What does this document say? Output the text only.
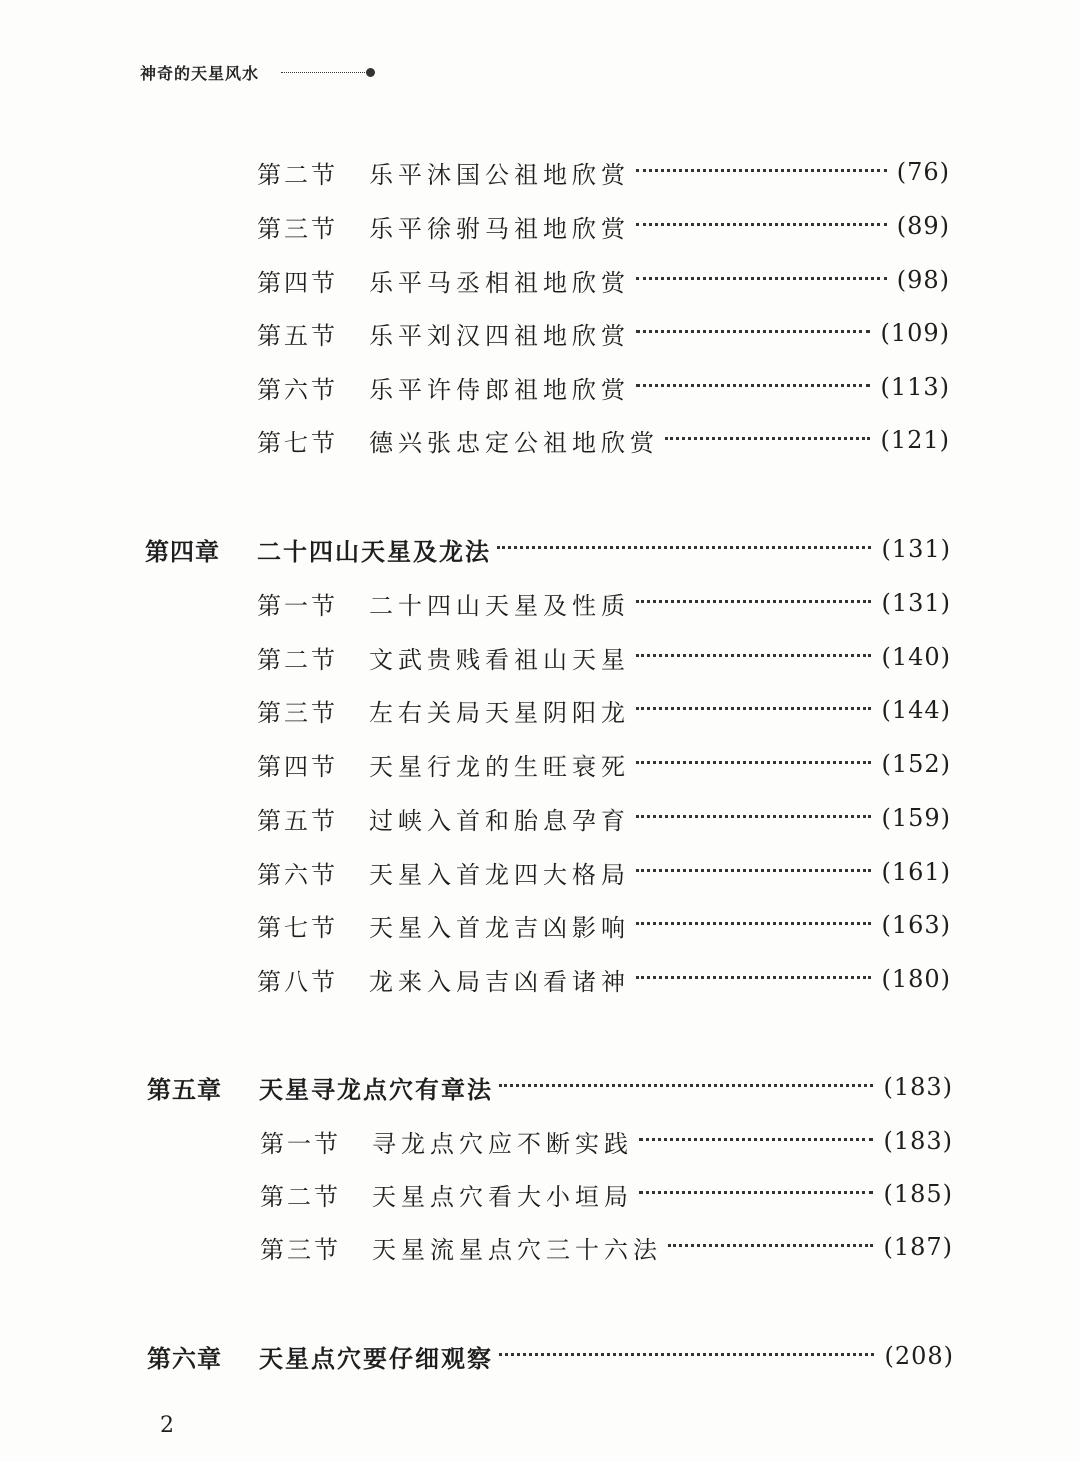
神奇的天星风水
第二节	乐平沐国公祖地欣赏	(76)
第三节	乐平徐驸马祖地欣赏	(89)
第四节	乐平马丞相祖地欣赏	(98)
第五节	乐平刘汉四祖地欣赏	(109)
第六节	乐平许侍郎祖地欣赏	(113)
第七节	德兴张忠定公祖地欣赏	(121)
第四章	二十四山天星及龙法	(131)
第一节	二十四山天星及性质	(131)
第二节	文武贵贱看祖山天星	(140)
第三节	左右关局天星阴阳龙	(144)
第四节	天星行龙的生旺衰死	(152)
第五节	过峡入首和胎息孕育	(159)
第六节	天星入首龙四大格局	(161)
第七节	天星入首龙吉凶影响	(163)
第八节	龙来入局吉凶看诸神	(180)
第五章	天星寻龙点穴有章法	(183)
第一节	寻龙点穴应不断实践	(183)
第二节	天星点穴看大小垣局	(185)
第三节	天星流星点穴三十六法	(187)
第六章	天星点穴要仔细观察	(208)
2
